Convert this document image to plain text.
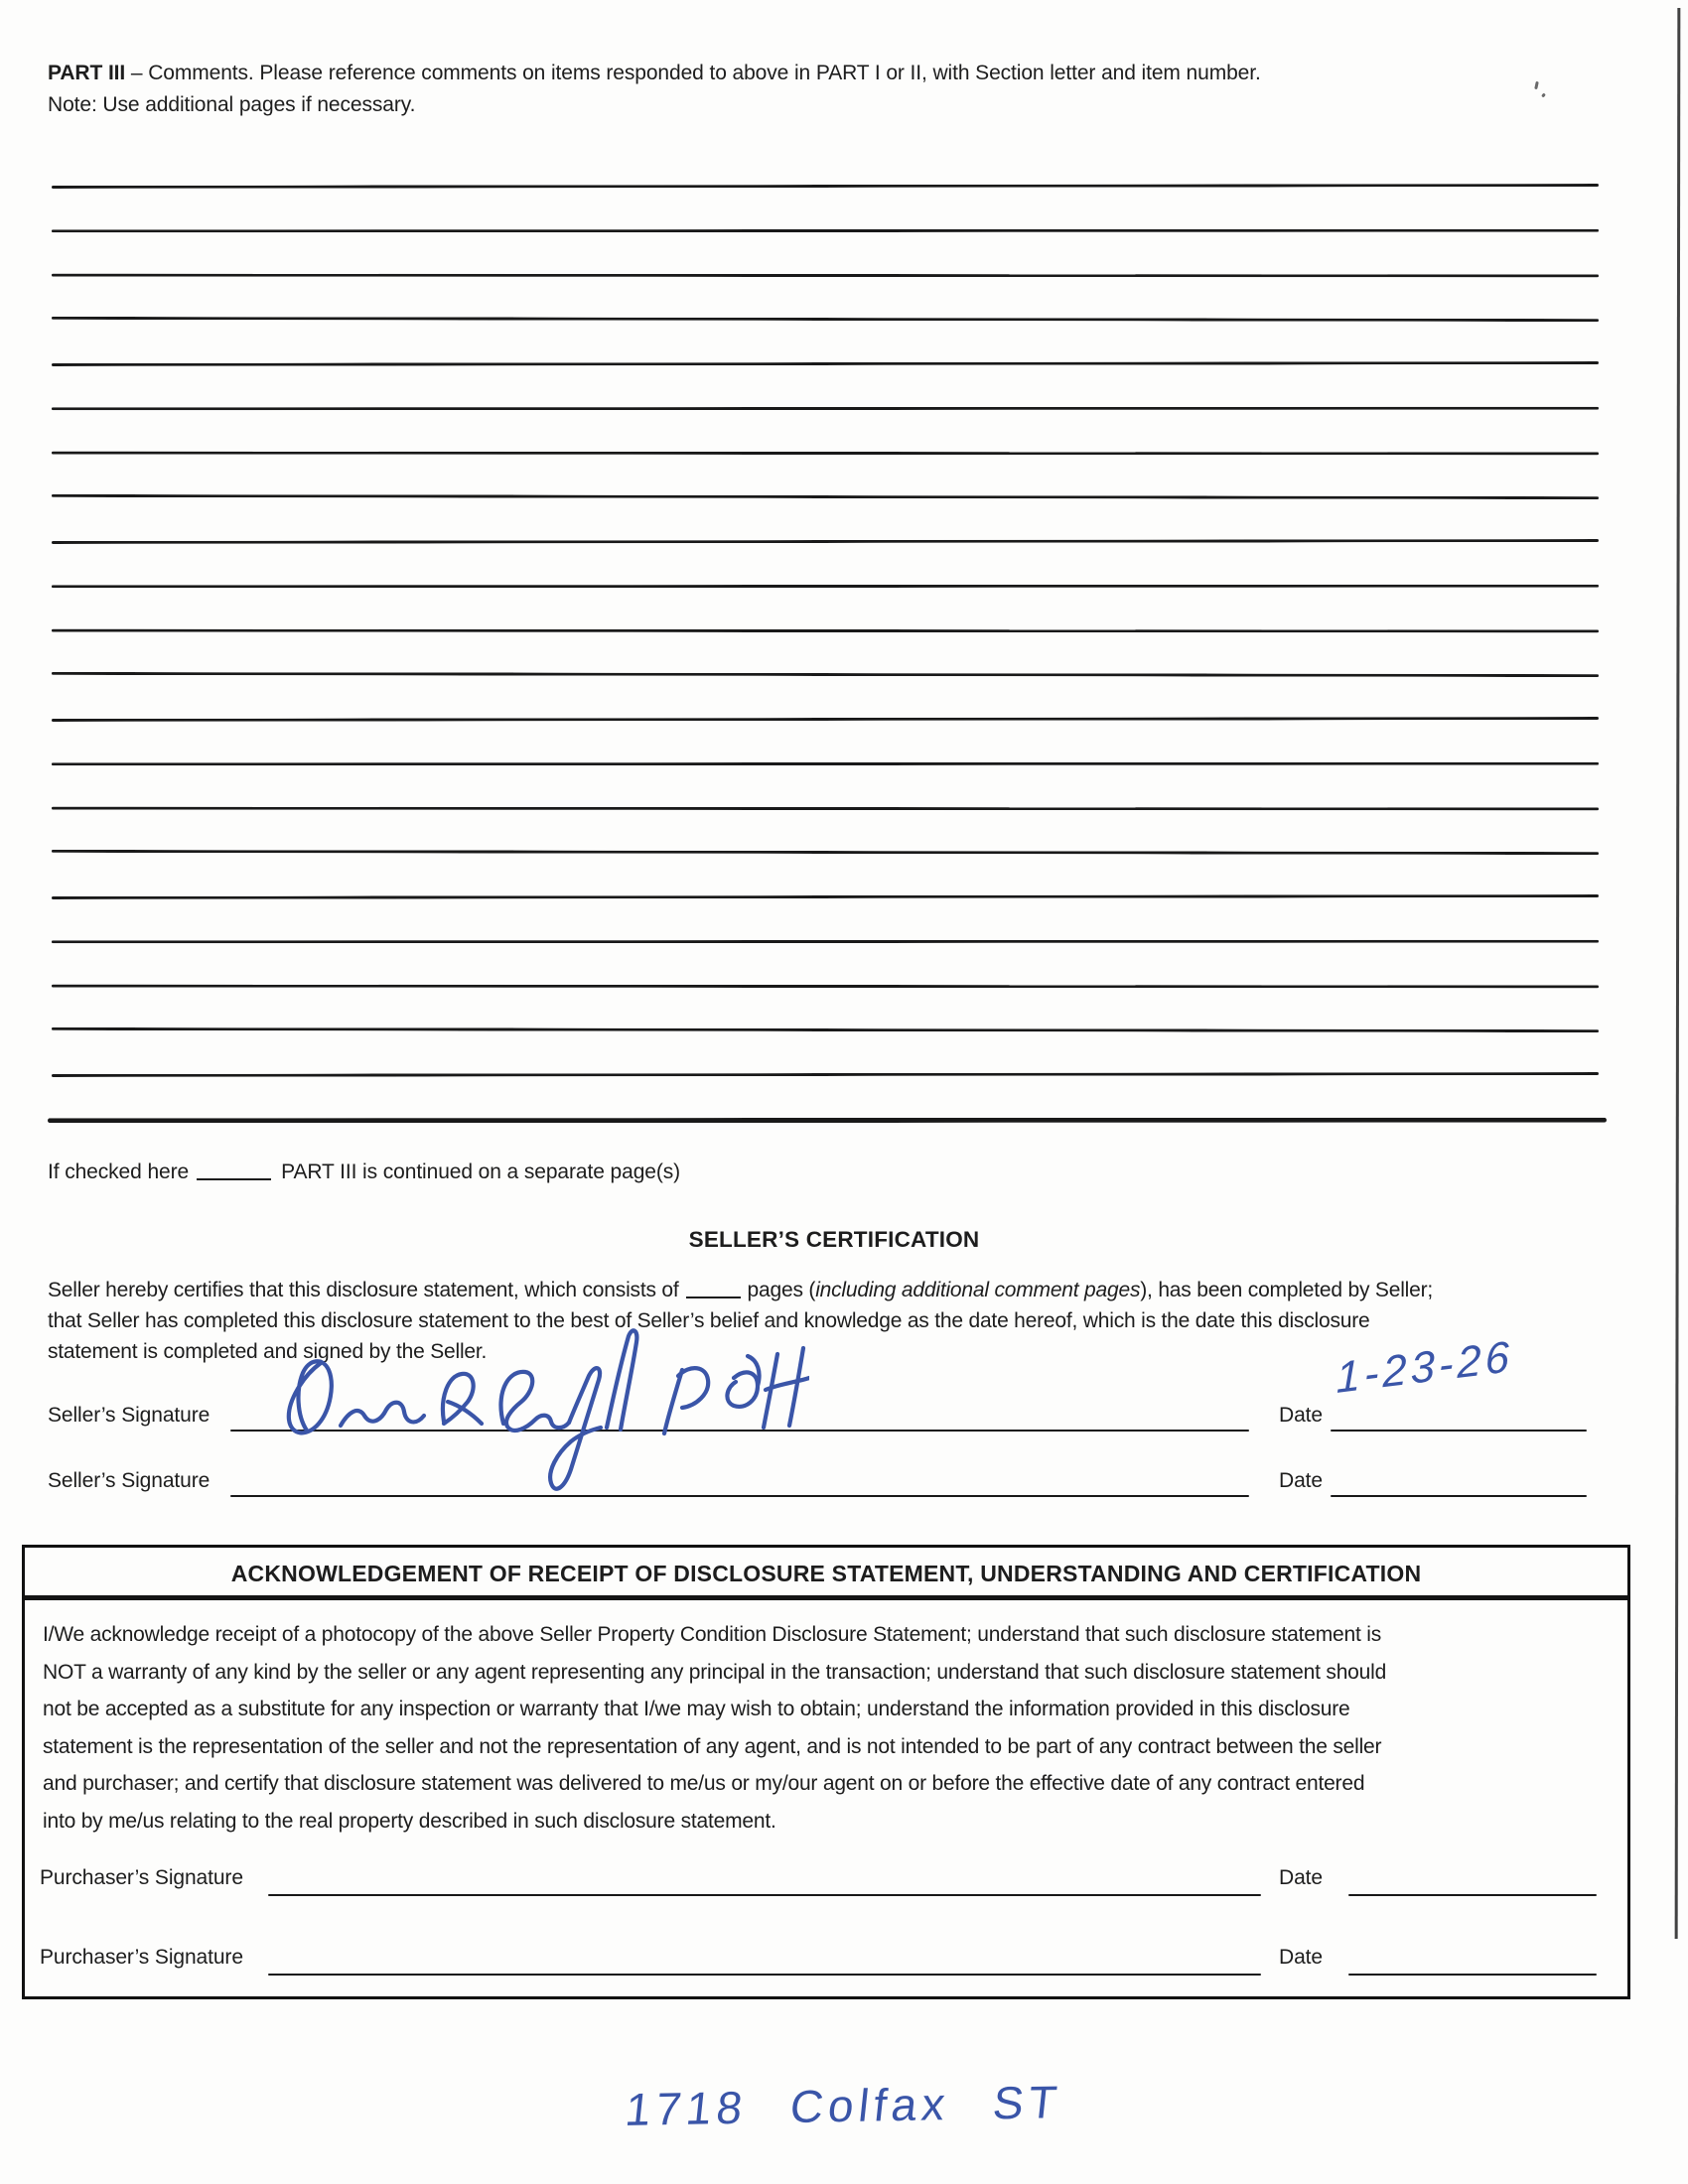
PART III – Comments. Please reference comments on items responded to above in PART I or II, with Section letter and item number.
Note: Use additional pages if necessary.
If checked here	PART III is continued on a separate page(s)
SELLER’S CERTIFICATION
Seller hereby certifies that this disclosure statement, which consists of	pages (including additional comment pages), has been completed by Seller;
that Seller has completed this disclosure statement to the best of Seller’s belief and knowledge as the date hereof, which is the date this disclosure
statement is completed and signed by the Seller.
Seller’s Signature	Date
1-23-26
Seller’s Signature	Date
ACKNOWLEDGEMENT OF RECEIPT OF DISCLOSURE STATEMENT, UNDERSTANDING AND CERTIFICATION
I/We acknowledge receipt of a photocopy of the above Seller Property Condition Disclosure Statement; understand that such disclosure statement is
NOT a warranty of any kind by the seller or any agent representing any principal in the transaction; understand that such disclosure statement should
not be accepted as a substitute for any inspection or warranty that I/we may wish to obtain; understand the information provided in this disclosure
statement is the representation of the seller and not the representation of any agent, and is not intended to be part of any contract between the seller
and purchaser; and certify that disclosure statement was delivered to me/us or my/our agent on or before the effective date of any contract entered
into by me/us relating to the real property described in such disclosure statement.
Purchaser’s Signature	Date
Purchaser’s Signature	Date
1718 Colfax ST
